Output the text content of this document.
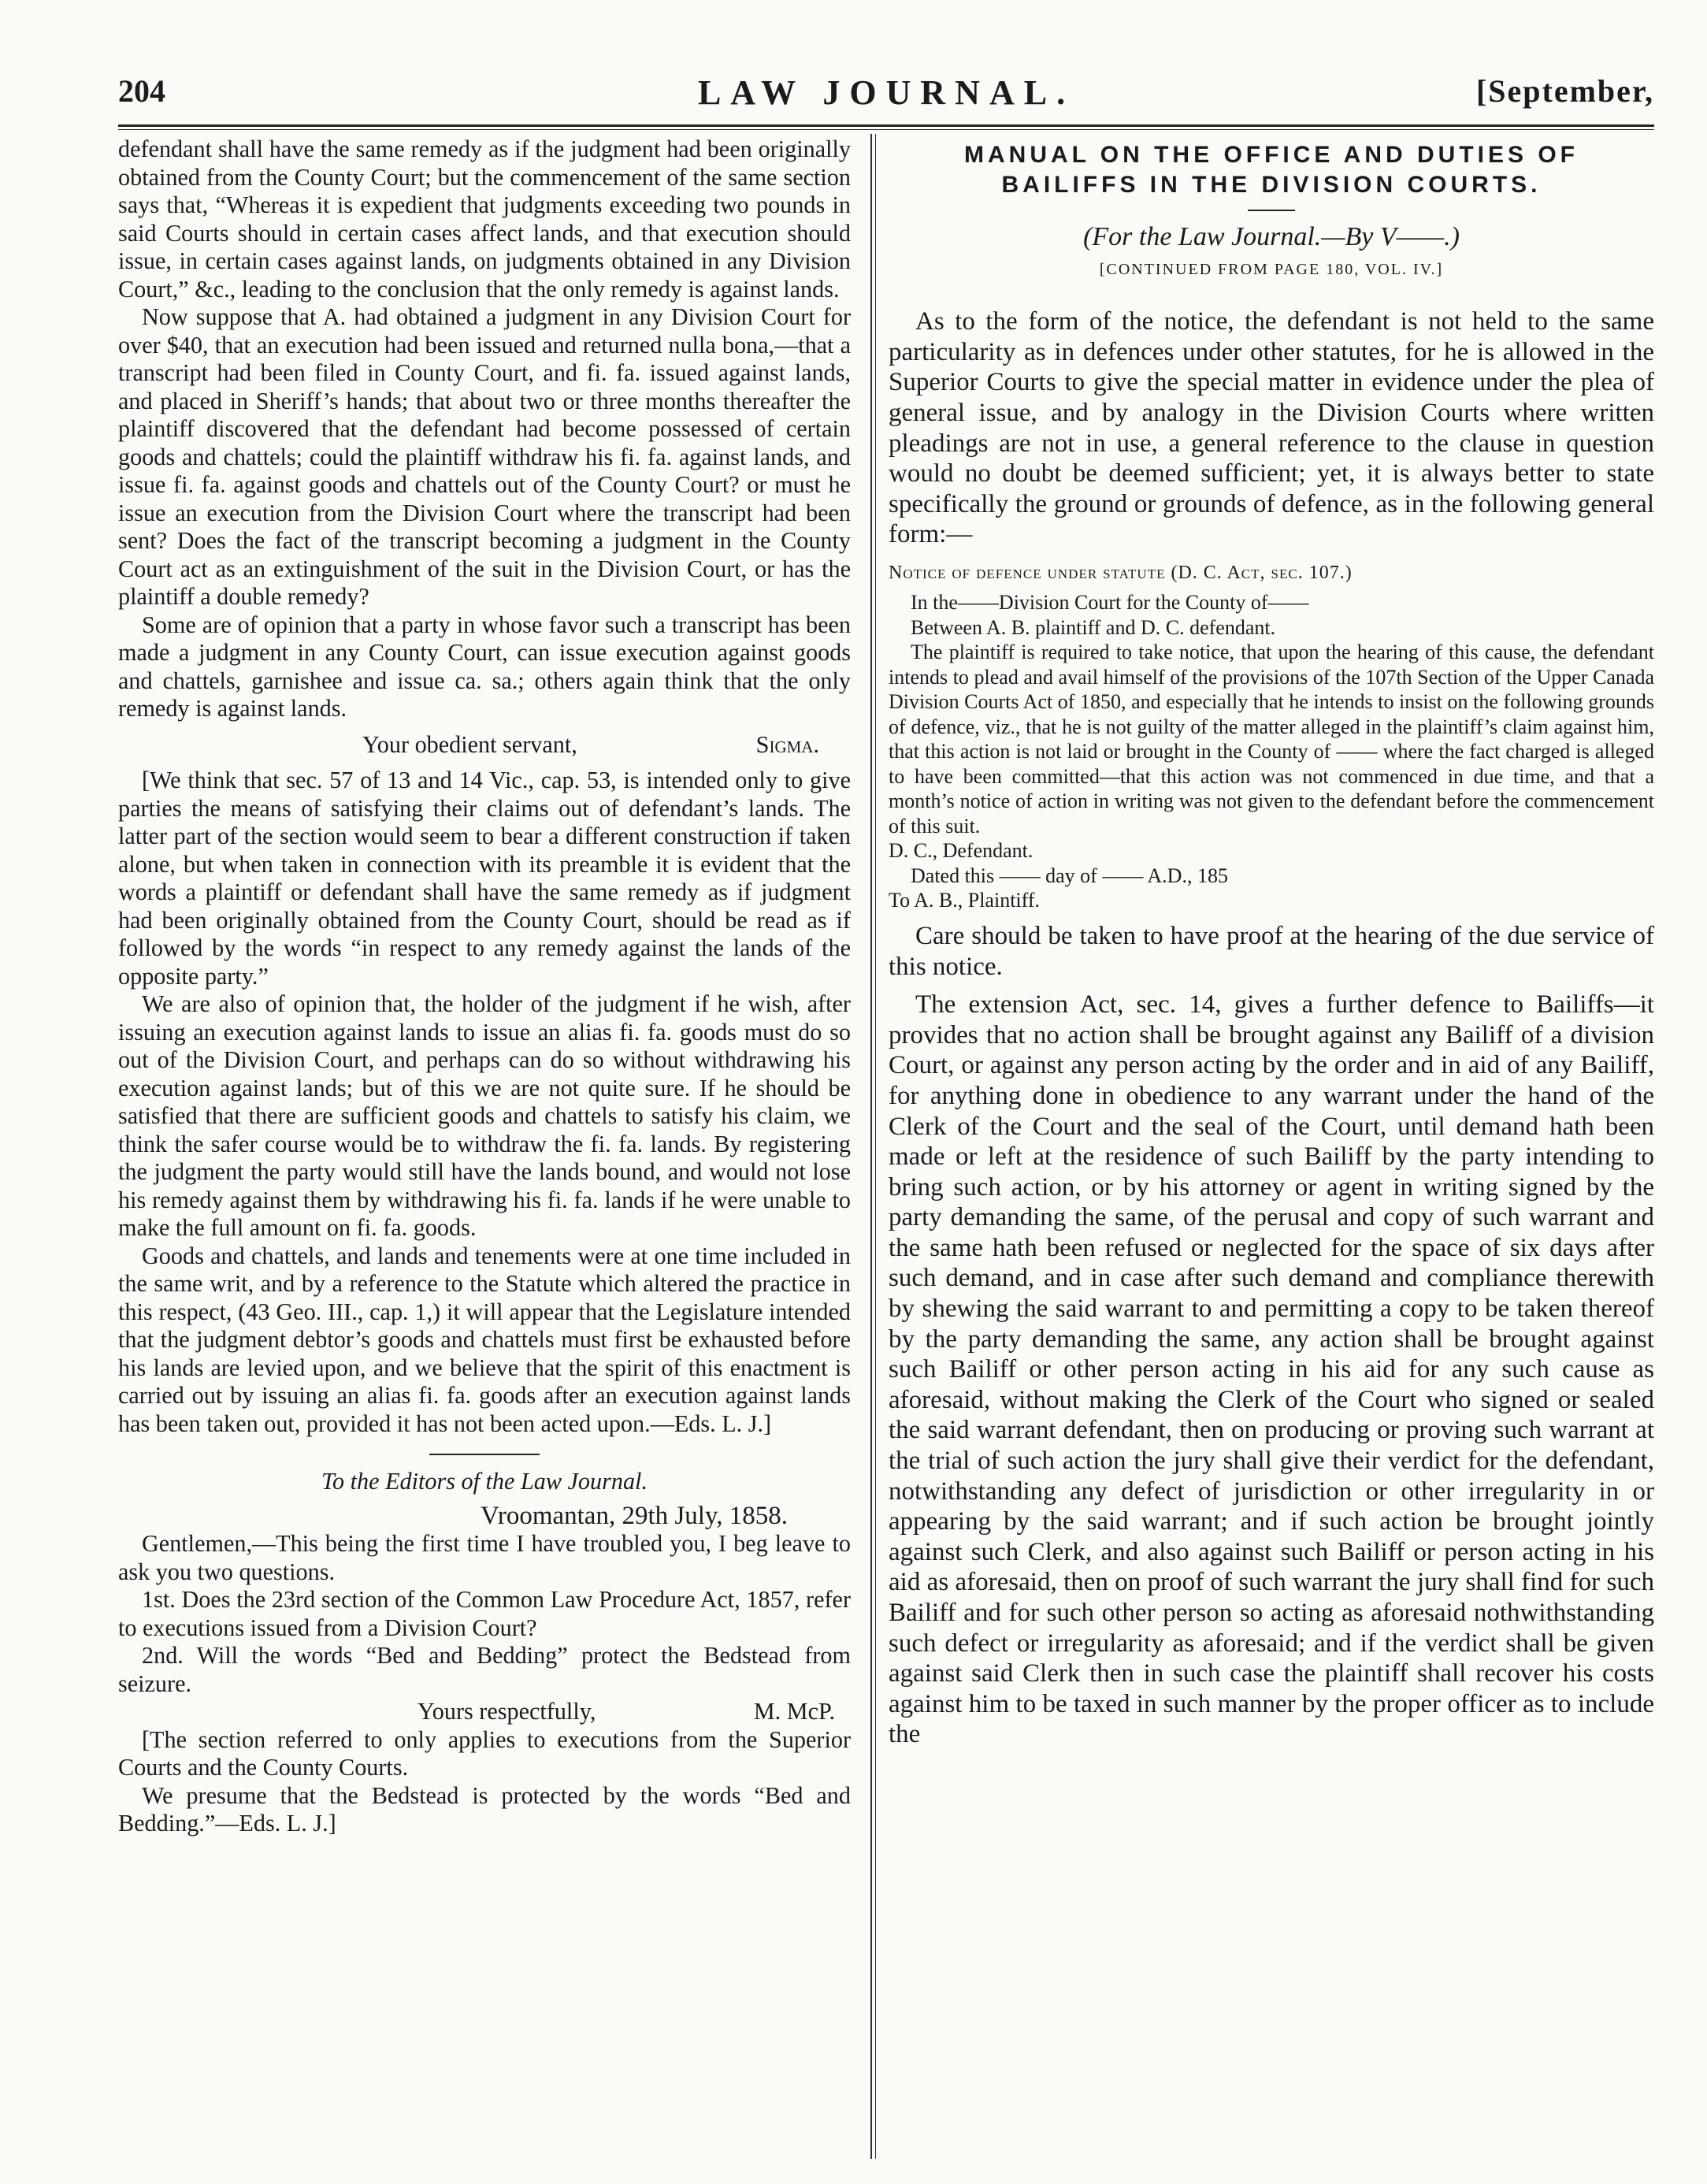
204	LAW JOURNAL.	[September,

defendant shall have the same remedy as if the judgment had been originally obtained from the County Court; but the commencement of the same section says that, “Whereas it is expedient that judgments exceeding two pounds in said Courts should in certain cases affect lands, and that execution should issue, in certain cases against lands, on judgments obtained in any Division Court,” &c., leading to the conclusion that the only remedy is against lands.

Now suppose that A. had obtained a judgment in any Division Court for over $40, that an execution had been issued and returned nulla bona,—that a transcript had been filed in County Court, and fi. fa. issued against lands, and placed in Sheriff’s hands; that about two or three months thereafter the plaintiff discovered that the defendant had become possessed of certain goods and chattels; could the plaintiff withdraw his fi. fa. against lands, and issue fi. fa. against goods and chattels out of the County Court? or must he issue an execution from the Division Court where the transcript had been sent? Does the fact of the transcript becoming a judgment in the County Court act as an extinguishment of the suit in the Division Court, or has the plaintiff a double remedy?

Some are of opinion that a party in whose favor such a transcript has been made a judgment in any County Court, can issue execution against goods and chattels, garnishee and issue ca. sa.; others again think that the only remedy is against lands.

Your obedient servant,	Sigma.

[We think that sec. 57 of 13 and 14 Vic., cap. 53, is intended only to give parties the means of satisfying their claims out of defendant’s lands. The latter part of the section would seem to bear a different construction if taken alone, but when taken in connection with its preamble it is evident that the words a plaintiff or defendant shall have the same remedy as if judgment had been originally obtained from the County Court, should be read as if followed by the words “in respect to any remedy against the lands of the opposite party.”

We are also of opinion that, the holder of the judgment if he wish, after issuing an execution against lands to issue an alias fi. fa. goods must do so out of the Division Court, and perhaps can do so without withdrawing his execution against lands; but of this we are not quite sure. If he should be satisfied that there are sufficient goods and chattels to satisfy his claim, we think the safer course would be to withdraw the fi. fa. lands. By registering the judgment the party would still have the lands bound, and would not lose his remedy against them by withdrawing his fi. fa. lands if he were unable to make the full amount on fi. fa. goods.

Goods and chattels, and lands and tenements were at one time included in the same writ, and by a reference to the Statute which altered the practice in this respect, (43 Geo. III., cap. 1,) it will appear that the Legislature intended that the judgment debtor’s goods and chattels must first be exhausted before his lands are levied upon, and we believe that the spirit of this enactment is carried out by issuing an alias fi. fa. goods after an execution against lands has been taken out, provided it has not been acted upon.—Eds. L. J.]

To the Editors of the Law Journal.

Vroomantan, 29th July, 1858.

Gentlemen,—This being the first time I have troubled you, I beg leave to ask you two questions.

1st. Does the 23rd section of the Common Law Procedure Act, 1857, refer to executions issued from a Division Court?

2nd. Will the words “Bed and Bedding” protect the Bedstead from seizure.

Yours respectfully,	M. McP.

[The section referred to only applies to executions from the Superior Courts and the County Courts.

We presume that the Bedstead is protected by the words “Bed and Bedding.”—Eds. L. J.]

MANUAL ON THE OFFICE AND DUTIES OF
BAILIFFS IN THE DIVISION COURTS.

(For the Law Journal.—By V——.)

[CONTINUED FROM PAGE 180, VOL. IV.]

As to the form of the notice, the defendant is not held to the same particularity as in defences under other statutes, for he is allowed in the Superior Courts to give the special matter in evidence under the plea of general issue, and by analogy in the Division Courts where written pleadings are not in use, a general reference to the clause in question would no doubt be deemed sufficient; yet, it is always better to state specifically the ground or grounds of defence, as in the following general form:—

Notice of defence under statute (D. C. Act, sec. 107.)

In the——Division Court for the County of——

Between A. B. plaintiff and D. C. defendant.

The plaintiff is required to take notice, that upon the hearing of this cause, the defendant intends to plead and avail himself of the provisions of the 107th Section of the Upper Canada Division Courts Act of 1850, and especially that he intends to insist on the following grounds of defence, viz., that he is not guilty of the matter alleged in the plaintiff’s claim against him, that this action is not laid or brought in the County of —— where the fact charged is alleged to have been committed—that this action was not commenced in due time, and that a month’s notice of action in writing was not given to the defendant before the commencement of this suit.

D. C., Defendant.

Dated this —— day of —— A.D., 185

To A. B., Plaintiff.

Care should be taken to have proof at the hearing of the due service of this notice.

The extension Act, sec. 14, gives a further defence to Bailiffs—it provides that no action shall be brought against any Bailiff of a division Court, or against any person acting by the order and in aid of any Bailiff, for anything done in obedience to any warrant under the hand of the Clerk of the Court and the seal of the Court, until demand hath been made or left at the residence of such Bailiff by the party intending to bring such action, or by his attorney or agent in writing signed by the party demanding the same, of the perusal and copy of such warrant and the same hath been refused or neglected for the space of six days after such demand, and in case after such demand and compliance therewith by shewing the said warrant to and permitting a copy to be taken thereof by the party demanding the same, any action shall be brought against such Bailiff or other person acting in his aid for any such cause as aforesaid, without making the Clerk of the Court who signed or sealed the said warrant defendant, then on producing or proving such warrant at the trial of such action the jury shall give their verdict for the defendant, notwithstanding any defect of jurisdiction or other irregularity in or appearing by the said warrant; and if such action be brought jointly against such Clerk, and also against such Bailiff or person acting in his aid as aforesaid, then on proof of such warrant the jury shall find for such Bailiff and for such other person so acting as aforesaid nothwithstanding such defect or irregularity as aforesaid; and if the verdict shall be given against said Clerk then in such case the plaintiff shall recover his costs against him to be taxed in such manner by the proper officer as to include the
